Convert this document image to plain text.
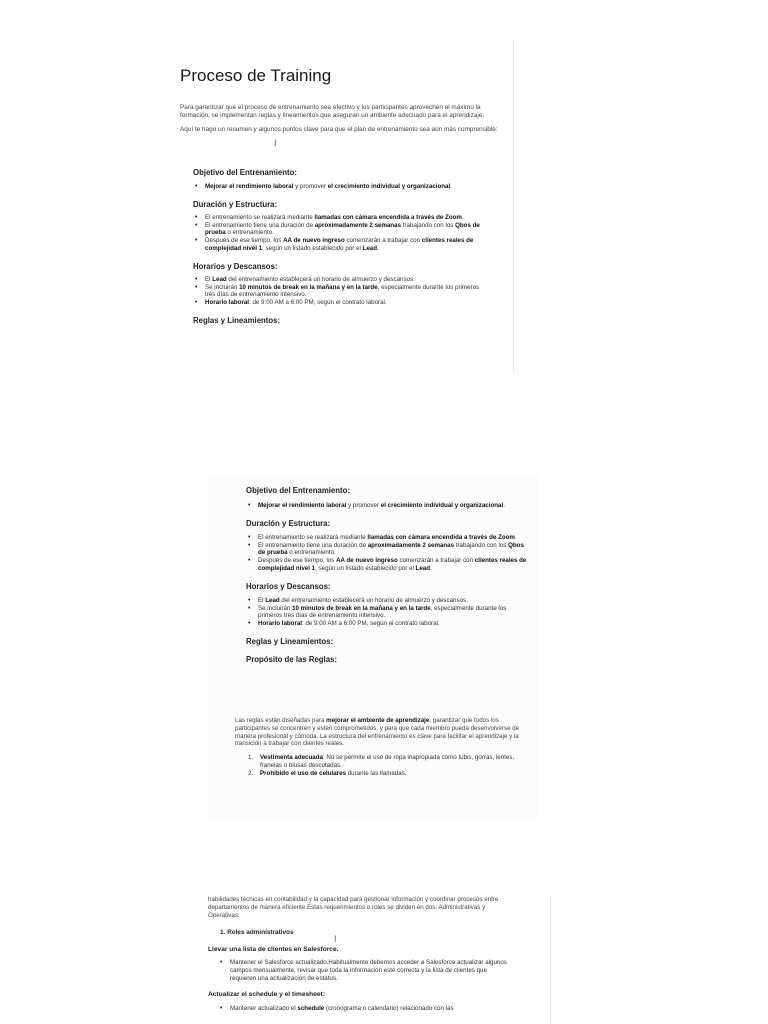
Proceso de Training

Para garantizar que el proceso de entrenamiento sea efectivo y los participantes aprovechen al máximo la formación, se implementan reglas y lineamientos que aseguran un ambiente adecuado para el aprendizaje.

Aquí te hago un resumen y algunos puntos clave para que el plan de entrenamiento sea aún más comprensible:

I
Objetivo del Entrenamiento:
• Mejorar el rendimiento laboral y promover el crecimiento individual y organizacional.
Duración y Estructura:
• El entrenamiento se realizará mediante llamadas con cámara encendida a través de Zoom.
• El entrenamiento tiene una duración de aproximadamente 2 semanas trabajando con los Qbos de prueba o entrenamiento.
• Después de ese tiempo, los AA de nuevo ingreso comenzarán a trabajar con clientes reales de complejidad nivel 1, según un listado establecido por el Lead.
Horarios y Descansos:
• El Lead del entrenamiento establecerá un horario de almuerzo y descansos.
• Se incluirán 10 minutos de break en la mañana y en la tarde, especialmente durante los primeros tres días de entrenamiento intensivo.
• Horario laboral: de 9:00 AM a 6:00 PM, según el contrato laboral.
Reglas y Lineamientos:
Objetivo del Entrenamiento:
• Mejorar el rendimiento laboral y promover el crecimiento individual y organizacional.
Duración y Estructura:
• El entrenamiento se realizará mediante llamadas con cámara encendida a través de Zoom.
• El entrenamiento tiene una duración de aproximadamente 2 semanas trabajando con los Qbos de prueba o entrenamiento.
• Después de ese tiempo, los AA de nuevo ingreso comenzarán a trabajar con clientes reales de complejidad nivel 1, según un listado establecido por el Lead.
Horarios y Descansos:
• El Lead del entrenamiento establecerá un horario de almuerzo y descansos.
• Se incluirán 10 minutos de break en la mañana y en la tarde, especialmente durante los primeros tres días de entrenamiento intensivo.
• Horario laboral: de 9:00 AM a 6:00 PM, según el contrato laboral.
Reglas y Lineamientos:
Propósito de las Reglas:

Las reglas están diseñadas para mejorar el ambiente de aprendizaje, garantizar que todos los participantes se concentren y estén comprometidos, y para que cada miembro pueda desenvolverse de manera profesional y cómoda. La estructura del entrenamiento es clave para facilitar el aprendizaje y la transición a trabajar con clientes reales.

1. Vestimenta adecuada: No se permite el uso de ropa inapropiada como tubis, gorras, lentes, franelas o blusas descotadas.
2. Prohibido el uso de celulares durante las llamadas.

habilidades técnicas en contabilidad y la capacidad para gestionar información y coordinar procesos entre departamentos de manera eficiente.Estas requerimientos o roles se dividen en dos: Administrativas y Operativas:

1. Roles administrativos
Llevar una lista de clientes en Salesforce.
• Mantener el Salesforce actualizado.Habitualmente debemos acceder a Salesforce actualizar algunos campos mensualmente, revisar que toda la información esté correcta y la lista de clientes que requieren una actualización de estatus.
Actualizar el schedule y el timesheet:
• Mantener actualizado el schedule (cronograma o calendario) relacionado con las
I
